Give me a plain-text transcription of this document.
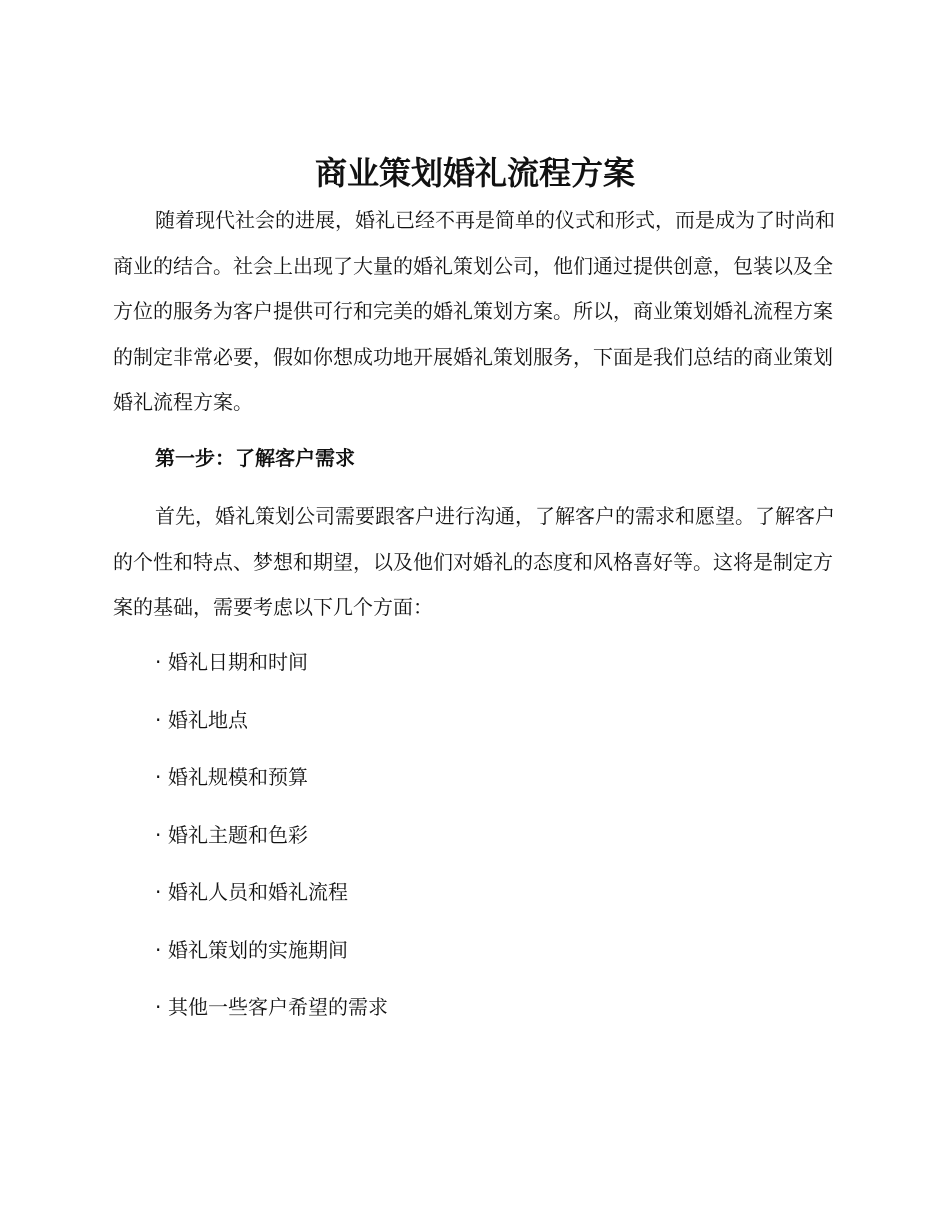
商业策划婚礼流程方案

随着现代社会的进展，婚礼已经不再是简单的仪式和形式，而是成为了时尚和商业的结合。社会上出现了大量的婚礼策划公司，他们通过提供创意，包装以及全方位的服务为客户提供可行和完美的婚礼策划方案。所以，商业策划婚礼流程方案的制定非常必要，假如你想成功地开展婚礼策划服务，下面是我们总结的商业策划婚礼流程方案。

第一步：了解客户需求

首先，婚礼策划公司需要跟客户进行沟通，了解客户的需求和愿望。了解客户的个性和特点、梦想和期望，以及他们对婚礼的态度和风格喜好等。这将是制定方案的基础，需要考虑以下几个方面：

· 婚礼日期和时间
· 婚礼地点
· 婚礼规模和预算
· 婚礼主题和色彩
· 婚礼人员和婚礼流程
· 婚礼策划的实施期间
· 其他一些客户希望的需求
